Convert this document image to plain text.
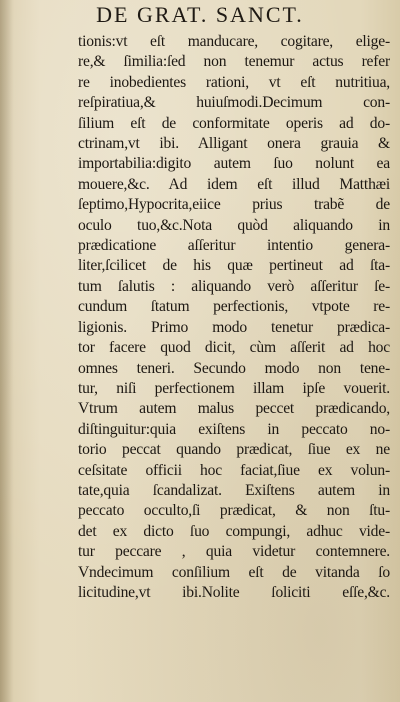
DE GRAT. SANCT.
tionis:vt eſt manducare, cogitare, elige-
re,& ſimilia:ſed non tenemur actus refer
re inobedientes rationi, vt eſt nutritiua,
reſpiratiua,& huiuſmodi.Decimum con-
ſilium eſt de conformitate operis ad do-
ctrinam,vt ibi. Alligant onera grauia &
importabilia:digito autem ſuo nolunt ea
mouere,&c. Ad idem eſt illud Matthæi
ſeptimo,Hypocrita,eiice prius trabẽ de
oculo tuo,&c.Nota quòd aliquando in
prædicatione aſſeritur intentio genera-
liter,ſcilicet de his quæ pertineut ad ſta-
tum ſalutis : aliquando verò aſſeritur ſe-
cundum ſtatum perfectionis, vtpote re-
ligionis. Primo modo tenetur prædica-
tor facere quod dicit, cùm aſſerit ad hoc
omnes teneri. Secundo modo non tene-
tur, niſi perfectionem illam ipſe vouerit.
Vtrum autem malus peccet prædicando,
diſtinguitur:quia exiſtens in peccato no-
torio peccat quando prædicat, ſiue ex ne
ceſsitate officii hoc faciat,ſiue ex volun-
tate,quia ſcandalizat. Exiſtens autem in
peccato occulto,ſi prædicat, & non ſtu-
det ex dicto ſuo compungi, adhuc vide-
tur peccare , quia videtur contemnere.
Vndecimum conſilium eſt de vitanda ſo
licitudine,vt ibi.Nolite ſoliciti eſſe,&c.
